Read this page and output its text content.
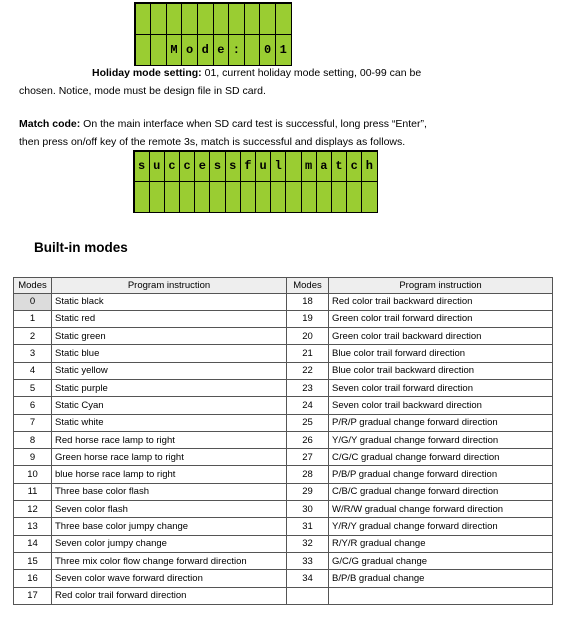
M o d e :	0 1

Holiday mode setting: 01, current holiday mode setting, 00-99 can be
chosen. Notice, mode must be design file in SD card.

Match code: On the main interface when SD card test is successful, long press “Enter”,
then press on/off key of the remote 3s, match is successful and displays as follows.

s u c c e s s f u l	m a t c h
Built-in modes
Modes	Program instruction	Modes	Program instruction
0	Static black	18	Red color trail backward direction
1	Static red	19	Green color trail forward direction
2	Static green	20	Green color trail backward direction
3	Static blue	21	Blue color trail forward direction
4	Static yellow	22	Blue color trail backward direction
5	Static purple	23	Seven color trail forward direction
6	Static Cyan	24	Seven color trail backward direction
7	Static white	25	P/R/P gradual change forward direction
8	Red horse race lamp to right	26	Y/G/Y gradual change forward direction
9	Green horse race lamp to right	27	C/G/C gradual change forward direction
10	blue horse race lamp to right	28	P/B/P gradual change forward direction
11	Three base color flash	29	C/B/C gradual change forward direction
12	Seven color flash	30	W/R/W gradual change forward direction
13	Three base color jumpy change	31	Y/R/Y gradual change forward direction
14	Seven color jumpy change	32	R/Y/R gradual change
15	Three mix color flow change forward direction	33	G/C/G gradual change
16	Seven color wave forward direction	34	B/P/B gradual change
17	Red color trail forward direction		
